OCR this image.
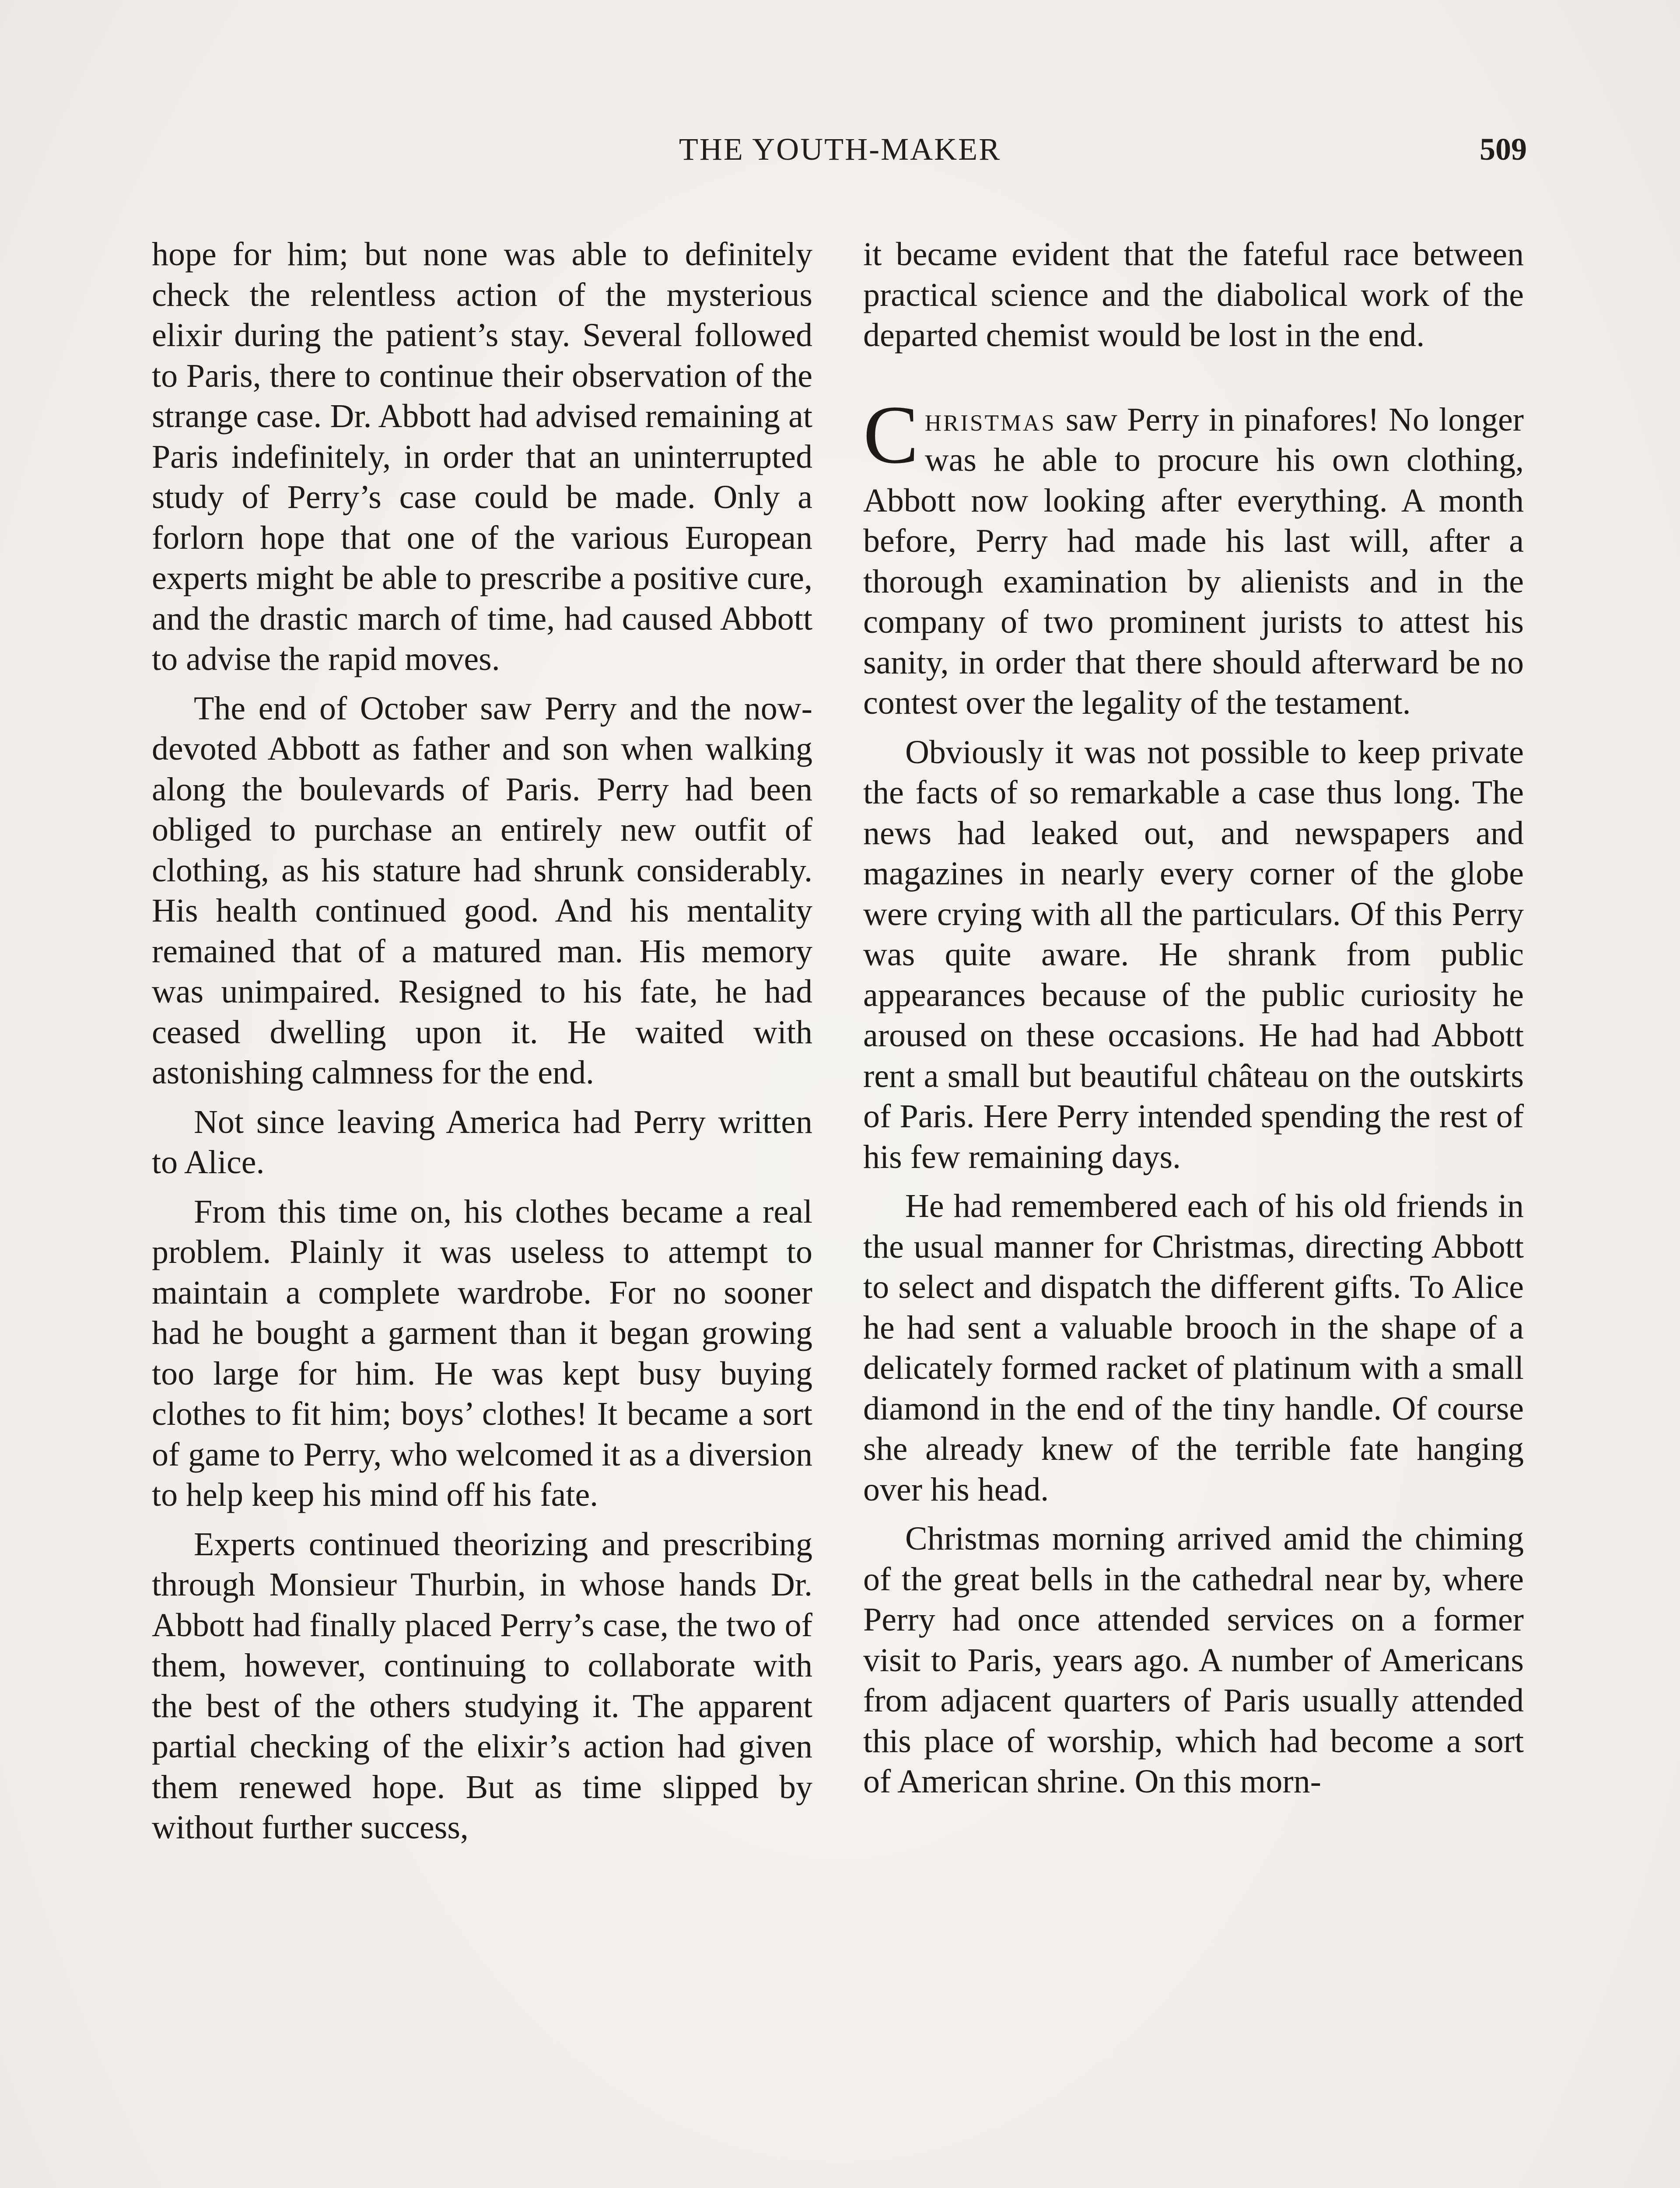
THE YOUTH-MAKER	509

hope for him; but none was able to definitely check the relentless action of the mysterious elixir during the patient’s stay. Several followed to Paris, there to continue their observation of the strange case. Dr. Abbott had advised remaining at Paris indefinitely, in order that an uninterrupted study of Perry’s case could be made. Only a forlorn hope that one of the various European experts might be able to prescribe a positive cure, and the drastic march of time, had caused Abbott to advise the rapid moves.

The end of October saw Perry and the now-devoted Abbott as father and son when walking along the boulevards of Paris. Perry had been obliged to purchase an entirely new outfit of clothing, as his stature had shrunk considerably. His health continued good. And his mentality remained that of a matured man. His memory was unimpaired. Resigned to his fate, he had ceased dwelling upon it. He waited with astonishing calmness for the end.

Not since leaving America had Perry written to Alice.

From this time on, his clothes became a real problem. Plainly it was useless to attempt to maintain a complete wardrobe. For no sooner had he bought a garment than it began growing too large for him. He was kept busy buying clothes to fit him; boys’ clothes! It became a sort of game to Perry, who welcomed it as a diversion to help keep his mind off his fate.

Experts continued theorizing and prescribing through Monsieur Thurbin, in whose hands Dr. Abbott had finally placed Perry’s case, the two of them, however, continuing to collaborate with the best of the others studying it. The apparent partial checking of the elixir’s action had given them renewed hope. But as time slipped by without further success,

it became evident that the fateful race between practical science and the diabolical work of the departed chemist would be lost in the end.

Christmas saw Perry in pinafores! No longer was he able to procure his own clothing, Abbott now looking after everything. A month before, Perry had made his last will, after a thorough examination by alienists and in the company of two prominent jurists to attest his sanity, in order that there should afterward be no contest over the legality of the testament.

Obviously it was not possible to keep private the facts of so remarkable a case thus long. The news had leaked out, and newspapers and magazines in nearly every corner of the globe were crying with all the particulars. Of this Perry was quite aware. He shrank from public appearances because of the public curiosity he aroused on these occasions. He had had Abbott rent a small but beautiful château on the outskirts of Paris. Here Perry intended spending the rest of his few remaining days.

He had remembered each of his old friends in the usual manner for Christmas, directing Abbott to select and dispatch the different gifts. To Alice he had sent a valuable brooch in the shape of a delicately formed racket of platinum with a small diamond in the end of the tiny handle. Of course she already knew of the terrible fate hanging over his head.

Christmas morning arrived amid the chiming of the great bells in the cathedral near by, where Perry had once attended services on a former visit to Paris, years ago. A number of Americans from adjacent quarters of Paris usually attended this place of worship, which had become a sort of American shrine. On this morn-
